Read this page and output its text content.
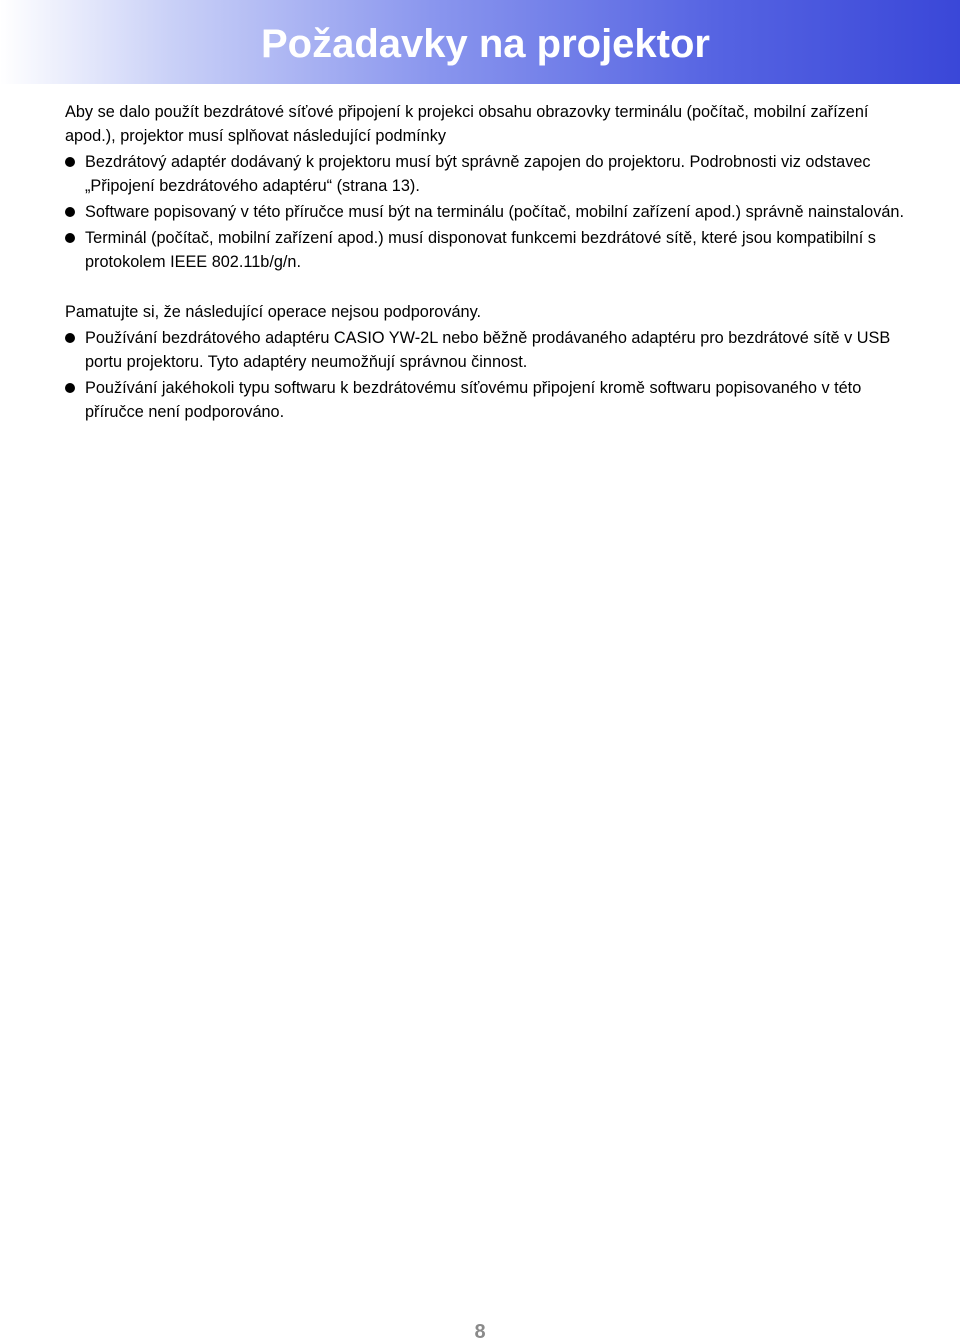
Požadavky na projektor

Aby se dalo použít bezdrátové síťové připojení k projekci obsahu obrazovky terminálu (počítač, mobilní zařízení apod.), projektor musí splňovat následující podmínky

Bezdrátový adaptér dodávaný k projektoru musí být správně zapojen do projektoru. Podrobnosti viz odstavec „Připojení bezdrátového adaptéru“ (strana 13).
Software popisovaný v této příručce musí být na terminálu (počítač, mobilní zařízení apod.) správně nainstalován.
Terminál (počítač, mobilní zařízení apod.) musí disponovat funkcemi bezdrátové sítě, které jsou kompatibilní s protokolem IEEE 802.11b/g/n.

Pamatujte si, že následující operace nejsou podporovány.

Používání bezdrátového adaptéru CASIO YW-2L nebo běžně prodávaného adaptéru pro bezdrátové sítě v USB portu projektoru. Tyto adaptéry neumožňují správnou činnost.
Používání jakéhokoli typu softwaru k bezdrátovému síťovému připojení kromě softwaru popisovaného v této příručce není podporováno.
8
